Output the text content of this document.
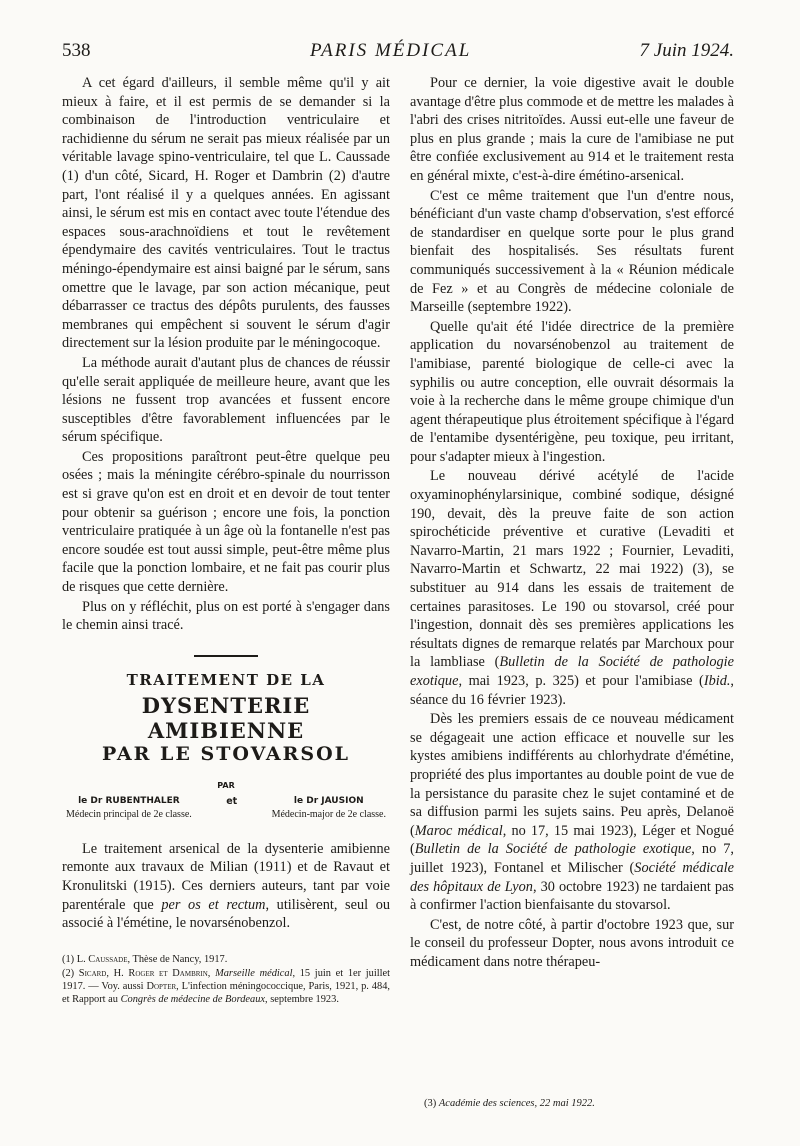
538	PARIS MÉDICAL	7 Juin 1924.

A cet égard d'ailleurs, il semble même qu'il y ait mieux à faire, et il est permis de se demander si la combinaison de l'introduction ventriculaire et rachidienne du sérum ne serait pas mieux réalisée par un véritable lavage spino-ventriculaire, tel que L. Caussade (1) d'un côté, Sicard, H. Roger et Dambrin (2) d'autre part, l'ont réalisé il y a quelques années. En agissant ainsi, le sérum est mis en contact avec toute l'étendue des espaces sous-arachnoïdiens et tout le revêtement épendymaire des cavités ventriculaires. Tout le tractus méningo-épendymaire est ainsi baigné par le sérum, sans omettre que le lavage, par son action mécanique, peut débarrasser ce tractus des dépôts purulents, des fausses membranes qui empêchent si souvent le sérum d'agir directement sur la lésion produite par le méningocoque.

La méthode aurait d'autant plus de chances de réussir qu'elle serait appliquée de meilleure heure, avant que les lésions ne fussent trop avancées et fussent encore susceptibles d'être favorablement influencées par le sérum spécifique.

Ces propositions paraîtront peut-être quelque peu osées ; mais la méningite cérébro-spinale du nourrisson est si grave qu'on est en droit et en devoir de tout tenter pour obtenir sa guérison ; encore une fois, la ponction ventriculaire pratiquée à un âge où la fontanelle n'est pas encore soudée est tout aussi simple, peut-être même plus facile que la ponction lombaire, et ne fait pas courir plus de risques que cette dernière.

Plus on y réfléchit, plus on est porté à s'engager dans le chemin ainsi tracé.

TRAITEMENT DE LA
DYSENTERIE AMIBIENNE
PAR LE STOVARSOL
PAR
le Dr RUBENTHALER
Médecin principal de 2e classe.
et	le Dr JAUSION
Médecin-major de 2e classe.

Le traitement arsenical de la dysenterie amibienne remonte aux travaux de Milian (1911) et de Ravaut et Kronulitski (1915). Ces derniers auteurs, tant par voie parentérale que per os et rectum, utilisèrent, seul ou associé à l'émétine, le novarsénobenzol.

(1) L. Caussade, Thèse de Nancy, 1917.
(2) Sicard, H. Roger et Dambrin, Marseille médical, 15 juin et 1er juillet 1917. — Voy. aussi Dopter, L'infection méningococcique, Paris, 1921, p. 484, et Rapport au Congrès de médecine de Bordeaux, septembre 1923.

Pour ce dernier, la voie digestive avait le double avantage d'être plus commode et de mettre les malades à l'abri des crises nitritoïdes. Aussi eut-elle une faveur de plus en plus grande ; mais la cure de l'amibiase ne put être confiée exclusivement au 914 et le traitement resta en général mixte, c'est-à-dire émétino-arsenical.

C'est ce même traitement que l'un d'entre nous, bénéficiant d'un vaste champ d'observation, s'est efforcé de standardiser en quelque sorte pour le plus grand bienfait des hospitalisés. Ses résultats furent communiqués successivement à la « Réunion médicale de Fez » et au Congrès de médecine coloniale de Marseille (septembre 1922).

Quelle qu'ait été l'idée directrice de la première application du novarsénobenzol au traitement de l'amibiase, parenté biologique de celle-ci avec la syphilis ou autre conception, elle ouvrait désormais la voie à la recherche dans le même groupe chimique d'un agent thérapeutique plus étroitement spécifique à l'égard de l'entamibe dysentérigène, peu toxique, peu irritant, pour s'adapter mieux à l'ingestion.

Le nouveau dérivé acétylé de l'acide oxyaminophénylarsinique, combiné sodique, désigné 190, devait, dès la preuve faite de son action spirochéticide préventive et curative (Levaditi et Navarro-Martin, 21 mars 1922 ; Fournier, Levaditi, Navarro-Martin et Schwartz, 22 mai 1922) (3), se substituer au 914 dans les essais de traitement de certaines parasitoses. Le 190 ou stovarsol, créé pour l'ingestion, donnait dès ses premières applications les résultats dignes de remarque relatés par Marchoux pour la lambliase (Bulletin de la Société de pathologie exotique, mai 1923, p. 325) et pour l'amibiase (Ibid., séance du 16 février 1923).

Dès les premiers essais de ce nouveau médicament se dégageait une action efficace et nouvelle sur les kystes amibiens indifférents au chlorhydrate d'émétine, propriété des plus importantes au double point de vue de la persistance du parasite chez le sujet contaminé et de sa diffusion parmi les sujets sains. Peu après, Delanoë (Maroc médical, no 17, 15 mai 1923), Léger et Nogué (Bulletin de la Société de pathologie exotique, no 7, juillet 1923), Fontanel et Milischer (Société médicale des hôpitaux de Lyon, 30 octobre 1923) ne tardaient pas à confirmer l'action bienfaisante du stovarsol.

C'est, de notre côté, à partir d'octobre 1923 que, sur le conseil du professeur Dopter, nous avons introduit ce médicament dans notre thérapeu-

(3) Académie des sciences, 22 mai 1922.
